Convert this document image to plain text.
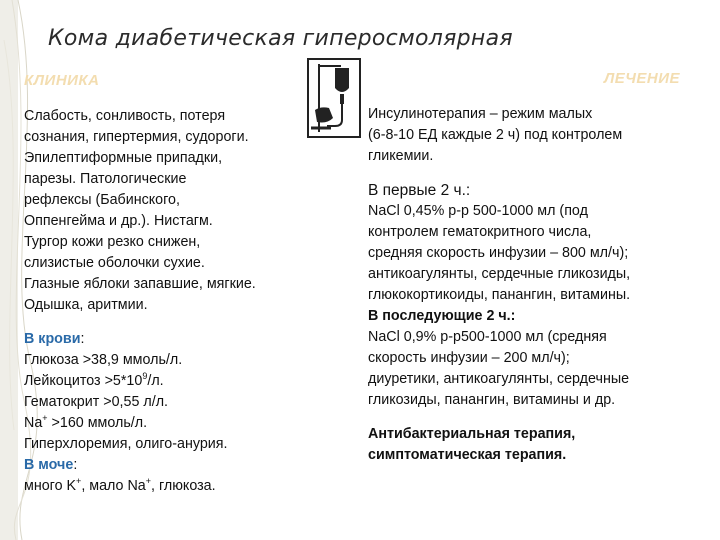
Кома диабетическая гиперосмолярная
КЛИНИКА	ЛЕЧЕНИЕ
Слабость, сонливость, потеря
сознания, гипертермия, судороги.
Эпилептиформные припадки,
парезы. Патологические
рефлексы (Бабинского,
Оппенгейма и др.). Нистагм.
Тургор кожи резко снижен,
слизистые оболочки сухие.
Глазные яблоки запавшие, мягкие.
Одышка, аритмии.
В крови:
Глюкоза >38,9 ммоль/л.
Лейкоцитоз $>5*10^9/л$.
Гематокрит >0,55 л/л.
Na+ >160 ммоль/л.
Гиперхлоремия, олиго-анурия.
В моче:
много K+, мало Na+, глюкоза.
Инсулинотерапия – режим малых
(6-8-10 ЕД каждые 2 ч) под контролем
гликемии.
В первые 2 ч.:
NaCl 0,45% р-р 500-1000 мл (под
контролем гематокритного числа,
средняя скорость инфузии – 800 мл/ч);
антикоагулянты, сердечные гликозиды,
глюкокортикоиды, панангин, витамины.
В последующие 2 ч.:
NaCl 0,9% р-р500-1000 мл (средняя
скорость инфузии – 200 мл/ч);
диуретики, антикоагулянты, сердечные
гликозиды, панангин, витамины и др.
Антибактериальная терапия,
симптоматическая терапия.
